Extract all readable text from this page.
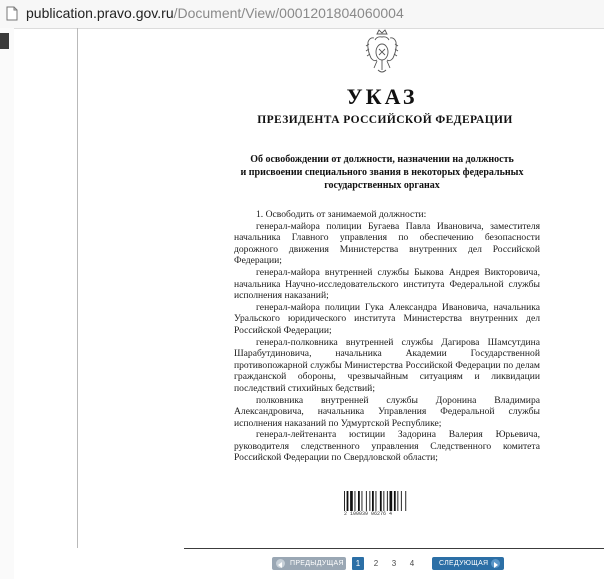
publication.pravo.gov.ru/Document/View/0001201804060004
УКАЗ
ПРЕЗИДЕНТА РОССИЙСКОЙ ФЕДЕРАЦИИ
Об освобождении от должности, назначении на должность
и присвоении специального звания в некоторых федеральных
государственных органах
1. Освободить от занимаемой должности:
генерал-майора полиции Бугаева Павла Ивановича, заместителя начальника Главного управления по обеспечению безопасности дорожного движения Министерства внутренних дел Российской Федерации;
генерал-майора внутренней службы Быкова Андрея Викторовича, начальника Научно-исследовательского института Федеральной службы исполнения наказаний;
генерал-майора полиции Гука Александра Ивановича, начальника Уральского юридического института Министерства внутренних дел Российской Федерации;
генерал-полковника внутренней службы Дагирова Шамсутдина Шарабутдиновича, начальника Академии Государственной противопожарной службы Министерства Российской Федерации по делам гражданской обороны, чрезвычайным ситуациям и ликвидации последствий стихийных бедствий;
полковника внутренней службы Доронина Владимира Александровича, начальника Управления Федеральной службы исполнения наказаний по Удмуртской Республике;
генерал-лейтенанта юстиции Задорина Валерия Юрьевича, руководителя следственного управления Следственного комитета Российской Федерации по Свердловской области;
2 100039 06276 4
ПРЕДЫДУЩАЯ	1	2	3	4	СЛЕДУЮЩАЯ
